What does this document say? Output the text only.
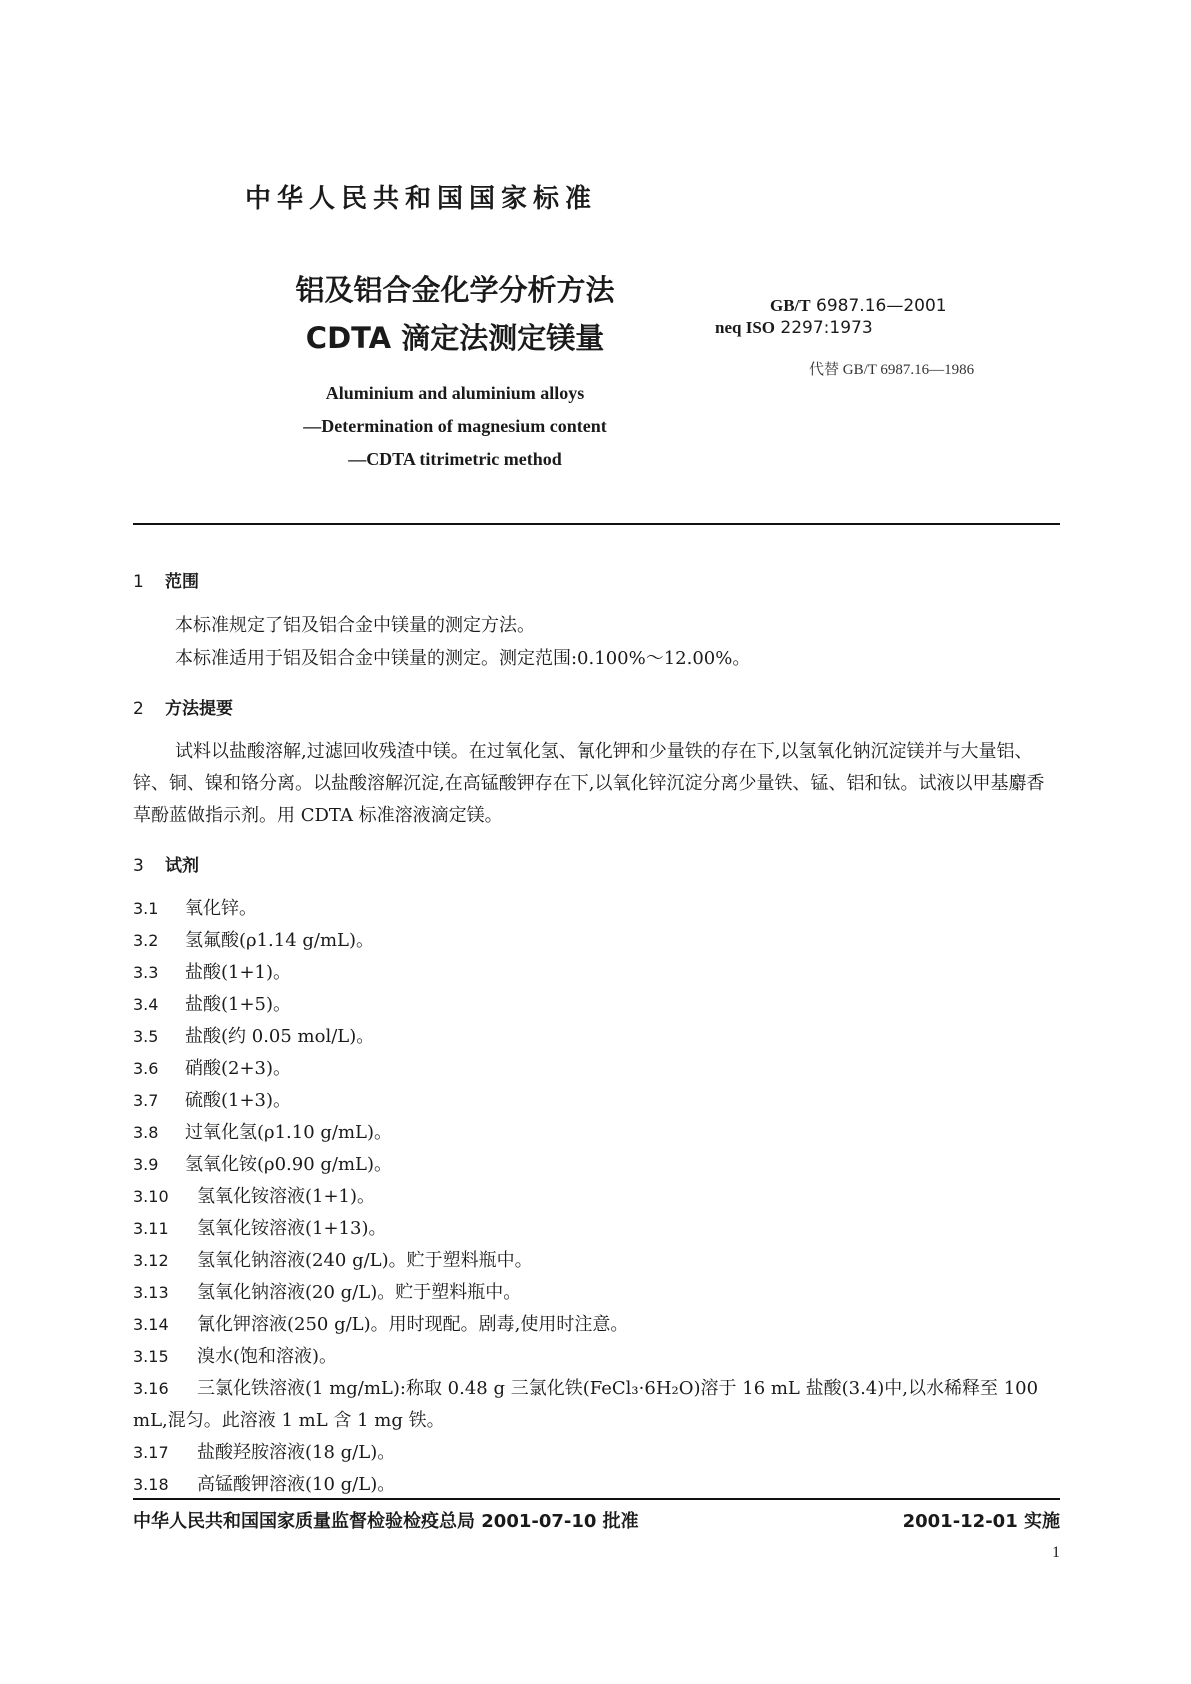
中华人民共和国国家标准
铝及铝合金化学分析方法
CDTA 滴定法测定镁量
GB/T 6987.16—2001
neq ISO 2297:1973
代替 GB/T 6987.16—1986
Aluminium and aluminium alloys
—Determination of magnesium content
—CDTA titrimetric method
1 范围
本标准规定了铝及铝合金中镁量的测定方法。
本标准适用于铝及铝合金中镁量的测定。测定范围:0.100%～12.00%。
2 方法提要
试料以盐酸溶解,过滤回收残渣中镁。在过氧化氢、氰化钾和少量铁的存在下,以氢氧化钠沉淀镁并与大量铝、锌、铜、镍和铬分离。以盐酸溶解沉淀,在高锰酸钾存在下,以氧化锌沉淀分离少量铁、锰、铝和钛。试液以甲基麝香草酚蓝做指示剂。用 CDTA 标准溶液滴定镁。
3 试剂
3.1 氧化锌。
3.2 氢氟酸(ρ1.14 g/mL)。
3.3 盐酸(1+1)。
3.4 盐酸(1+5)。
3.5 盐酸(约 0.05 mol/L)。
3.6 硝酸(2+3)。
3.7 硫酸(1+3)。
3.8 过氧化氢(ρ1.10 g/mL)。
3.9 氢氧化铵(ρ0.90 g/mL)。
3.10 氢氧化铵溶液(1+1)。
3.11 氢氧化铵溶液(1+13)。
3.12 氢氧化钠溶液(240 g/L)。贮于塑料瓶中。
3.13 氢氧化钠溶液(20 g/L)。贮于塑料瓶中。
3.14 氰化钾溶液(250 g/L)。用时现配。剧毒,使用时注意。
3.15 溴水(饱和溶液)。
3.16 三氯化铁溶液(1 mg/mL):称取 0.48 g 三氯化铁(FeCl₃·6H₂O)溶于 16 mL 盐酸(3.4)中,以水稀释至 100 mL,混匀。此溶液 1 mL 含 1 mg 铁。
3.17 盐酸羟胺溶液(18 g/L)。
3.18 高锰酸钾溶液(10 g/L)。
中华人民共和国国家质量监督检验检疫总局 2001-07-10 批准	2001-12-01 实施
1
